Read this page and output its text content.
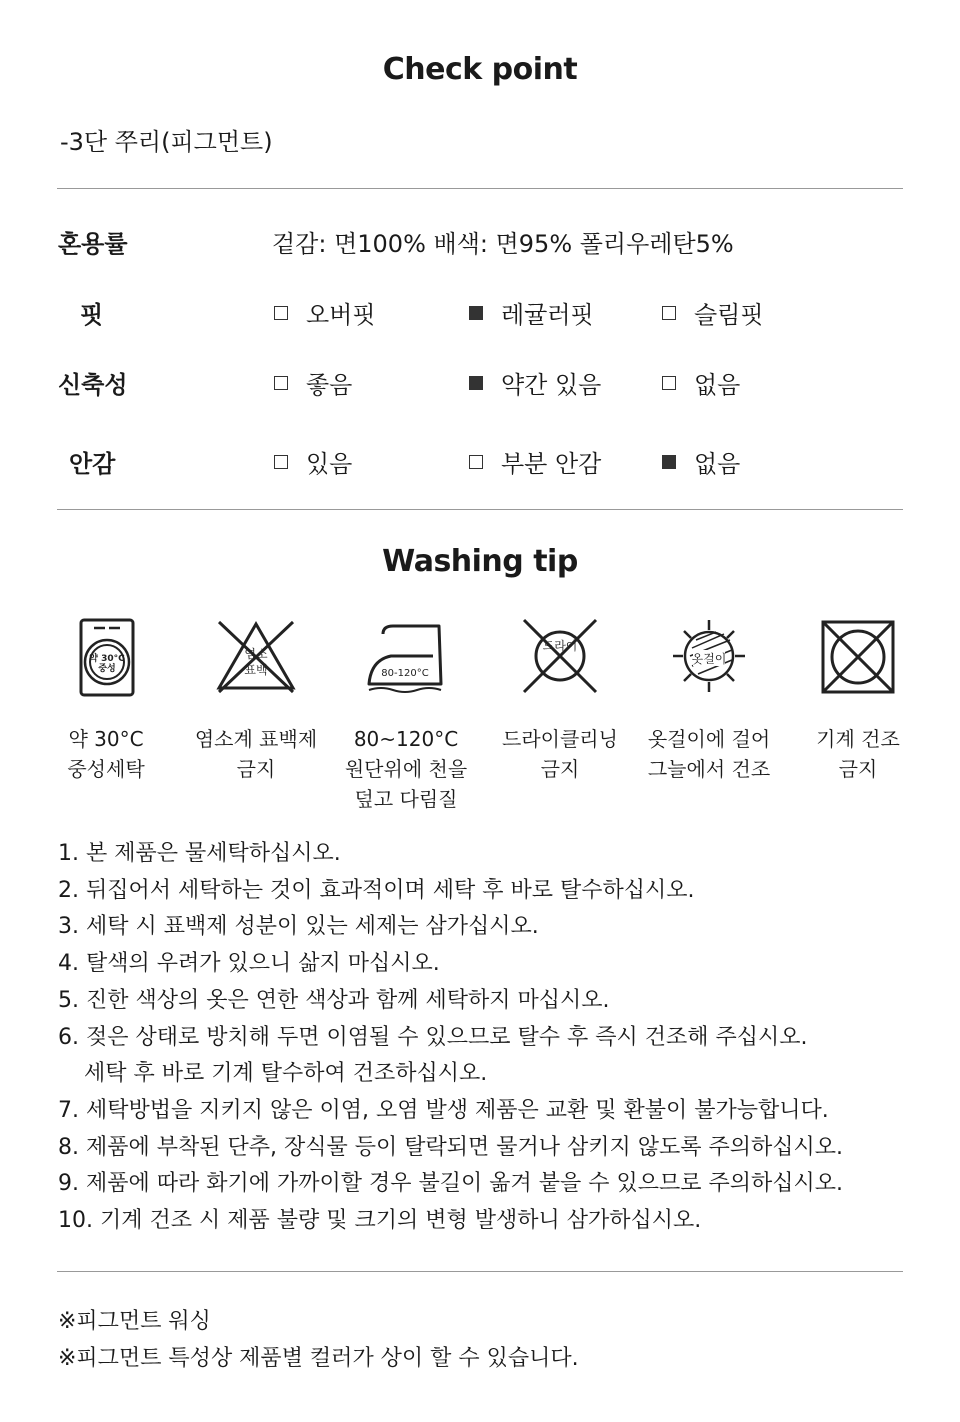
Check point
-3단 쭈리(피그먼트)
혼용률	겉감: 면100% 배색: 면95% 폴리우레탄5%
핏	오버핏	레귤러핏	슬림핏
신축성	좋음	약간 있음	없음
안감	있음	부분 안감	없음
Washing tip
약 30°C
중성
약 30°C
중성세탁
염소
표백
염소계 표백제
금지
80-120°C
80~120°C
원단위에 천을
덮고 다림질
드라이
드라이클리닝
금지
옷걸이
옷걸이에 걸어
그늘에서 건조
기계 건조
금지
1. 본 제품은 물세탁하십시오.
2. 뒤집어서 세탁하는 것이 효과적이며 세탁 후 바로 탈수하십시오.
3. 세탁 시 표백제 성분이 있는 세제는 삼가십시오.
4. 탈색의 우려가 있으니 삶지 마십시오.
5. 진한 색상의 옷은 연한 색상과 함께 세탁하지 마십시오.
6. 젖은 상태로 방치해 두면 이염될 수 있으므로 탈수 후 즉시 건조해 주십시오.
세탁 후 바로 기계 탈수하여 건조하십시오.
7. 세탁방법을 지키지 않은 이염, 오염 발생 제품은 교환 및 환불이 불가능합니다.
8. 제품에 부착된 단추, 장식물 등이 탈락되면 물거나 삼키지 않도록 주의하십시오.
9. 제품에 따라 화기에 가까이할 경우 불길이 옮겨 붙을 수 있으므로 주의하십시오.
10. 기계 건조 시 제품 불량 및 크기의 변형 발생하니 삼가하십시오.
※피그먼트 워싱
※피그먼트 특성상 제품별 컬러가 상이 할 수 있습니다.
